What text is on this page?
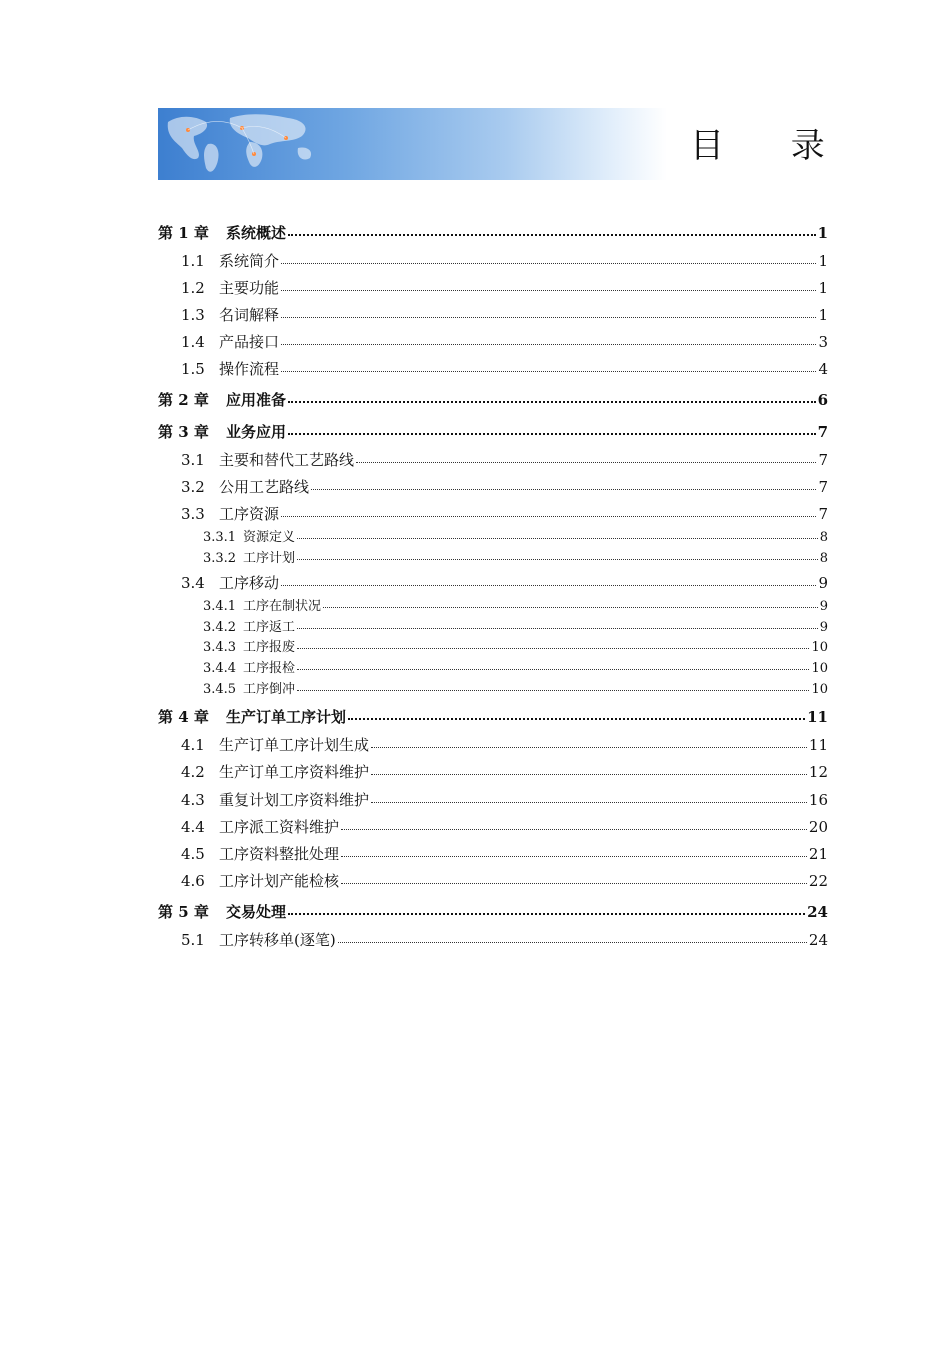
目 录
第 1 章	系统概述	1
1.1 系统简介	1
1.2 主要功能	1
1.3 名词解释	1
1.4 产品接口	3
1.5 操作流程	4
第 2 章	应用准备	6
第 3 章	业务应用	7
3.1 主要和替代工艺路线	7
3.2 公用工艺路线	7
3.3 工序资源	7
3.3.1 资源定义	8
3.3.2 工序计划	8
3.4 工序移动	9
3.4.1 工序在制状况	9
3.4.2 工序返工	9
3.4.3 工序报废	10
3.4.4 工序报检	10
3.4.5 工序倒冲	10
第 4 章	生产订单工序计划	11
4.1 生产订单工序计划生成	11
4.2 生产订单工序资料维护	12
4.3 重复计划工序资料维护	16
4.4 工序派工资料维护	20
4.5 工序资料整批处理	21
4.6 工序计划产能检核	22
第 5 章	交易处理	24
5.1 工序转移单(逐笔)	24
